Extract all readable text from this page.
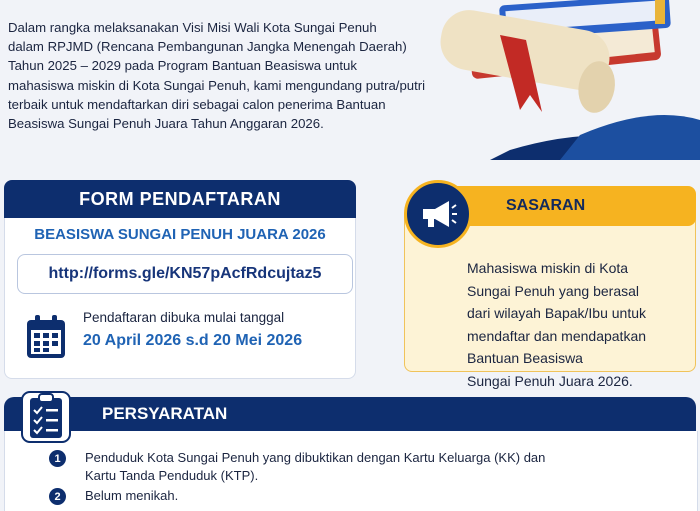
Dalam rangka melaksanakan Visi Misi Wali Kota Sungai Penuh

dalam RPJMD (Rencana Pembangunan Jangka Menengah Daerah)

Tahun 2025 – 2029 pada Program Bantuan Beasiswa untuk

mahasiswa miskin di Kota Sungai Penuh, kami mengundang putra/putri

terbaik untuk mendaftarkan diri sebagai calon penerima Bantuan

Beasiswa Sungai Penuh Juara Tahun Anggaran 2026.

FORM PENDAFTARAN
BEASISWA SUNGAI PENUH JUARA 2026
http://forms.gle/KN57pAcfRdcujtaz5
Pendaftaran dibuka mulai tanggal
20 April 2026 s.d 20 Mei 2026
Mahasiswa miskin di Kota
Sungai Penuh yang berasal
dari wilayah Bapak/Ibu untuk
mendaftar dan mendapatkan
Bantuan Beasiswa
Sungai Penuh Juara 2026.
SASARAN
PERSYARATAN
1	Penduduk Kota Sungai Penuh yang dibuktikan dengan Kartu Keluarga (KK) dan
Kartu Tanda Penduduk (KTP).
2	Belum menikah.
